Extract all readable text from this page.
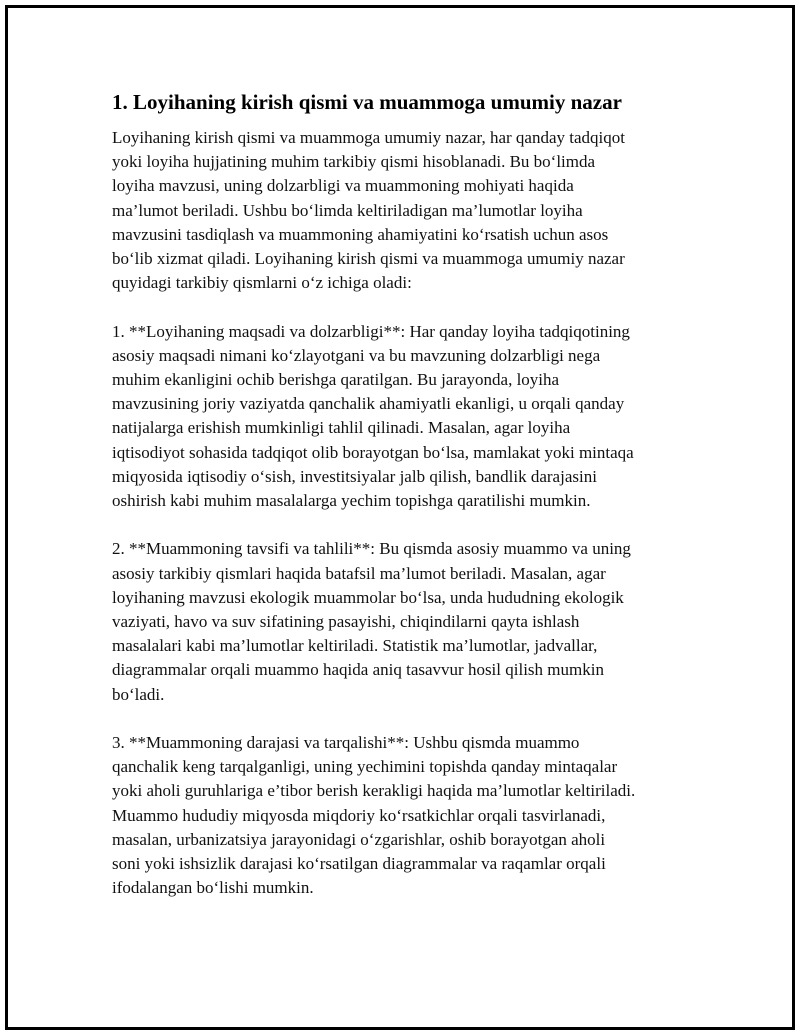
1. Loyihaning kirish qismi va muammoga umumiy nazar

Loyihaning kirish qismi va muammoga umumiy nazar, har qanday tadqiqot
yoki loyiha hujjatining muhim tarkibiy qismi hisoblanadi. Bu bo‘limda
loyiha mavzusi, uning dolzarbligi va muammoning mohiyati haqida
ma’lumot beriladi. Ushbu bo‘limda keltiriladigan ma’lumotlar loyiha
mavzusini tasdiqlash va muammoning ahamiyatini ko‘rsatish uchun asos
bo‘lib xizmat qiladi. Loyihaning kirish qismi va muammoga umumiy nazar
quyidagi tarkibiy qismlarni o‘z ichiga oladi:

1. **Loyihaning maqsadi va dolzarbligi**: Har qanday loyiha tadqiqotining
asosiy maqsadi nimani ko‘zlayotgani va bu mavzuning dolzarbligi nega
muhim ekanligini ochib berishga qaratilgan. Bu jarayonda, loyiha
mavzusining joriy vaziyatda qanchalik ahamiyatli ekanligi, u orqali qanday
natijalarga erishish mumkinligi tahlil qilinadi. Masalan, agar loyiha
iqtisodiyot sohasida tadqiqot olib borayotgan bo‘lsa, mamlakat yoki mintaqa
miqyosida iqtisodiy o‘sish, investitsiyalar jalb qilish, bandlik darajasini
oshirish kabi muhim masalalarga yechim topishga qaratilishi mumkin.

2. **Muammoning tavsifi va tahlili**: Bu qismda asosiy muammo va uning
asosiy tarkibiy qismlari haqida batafsil ma’lumot beriladi. Masalan, agar
loyihaning mavzusi ekologik muammolar bo‘lsa, unda hududning ekologik
vaziyati, havo va suv sifatining pasayishi, chiqindilarni qayta ishlash
masalalari kabi ma’lumotlar keltiriladi. Statistik ma’lumotlar, jadvallar,
diagrammalar orqali muammo haqida aniq tasavvur hosil qilish mumkin
bo‘ladi.

3. **Muammoning darajasi va tarqalishi**: Ushbu qismda muammo
qanchalik keng tarqalganligi, uning yechimini topishda qanday mintaqalar
yoki aholi guruhlariga e’tibor berish kerakligi haqida ma’lumotlar keltiriladi.
Muammo hududiy miqyosda miqdoriy ko‘rsatkichlar orqali tasvirlanadi,
masalan, urbanizatsiya jarayonidagi o‘zgarishlar, oshib borayotgan aholi
soni yoki ishsizlik darajasi ko‘rsatilgan diagrammalar va raqamlar orqali
ifodalangan bo‘lishi mumkin.
